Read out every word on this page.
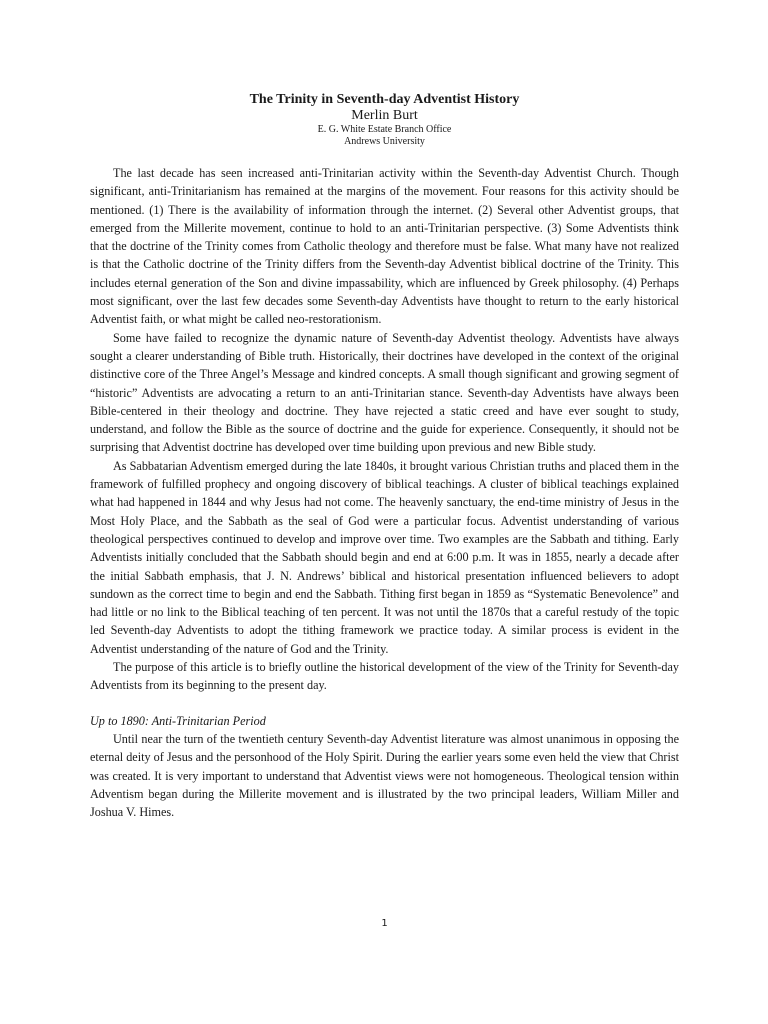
The Trinity in Seventh-day Adventist History

Merlin Burt

E. G. White Estate Branch Office

Andrews University

The last decade has seen increased anti-Trinitarian activity within the Seventh-day Adventist Church. Though significant, anti-Trinitarianism has remained at the margins of the movement. Four reasons for this activity should be mentioned. (1) There is the availability of information through the internet. (2) Several other Adventist groups, that emerged from the Millerite movement, continue to hold to an anti-Trinitarian perspective. (3) Some Adventists think that the doctrine of the Trinity comes from Catholic theology and therefore must be false. What many have not realized is that the Catholic doctrine of the Trinity differs from the Seventh-day Adventist biblical doctrine of the Trinity. This includes eternal generation of the Son and divine impassability, which are influenced by Greek philosophy. (4) Perhaps most significant, over the last few decades some Seventh-day Adventists have thought to return to the early historical Adventist faith, or what might be called neo-restorationism.

Some have failed to recognize the dynamic nature of Seventh-day Adventist theology. Adventists have always sought a clearer understanding of Bible truth. Historically, their doctrines have developed in the context of the original distinctive core of the Three Angel’s Message and kindred concepts. A small though significant and growing segment of “historic” Adventists are advocating a return to an anti-Trinitarian stance. Seventh-day Adventists have always been Bible-centered in their theology and doctrine. They have rejected a static creed and have ever sought to study, understand, and follow the Bible as the source of doctrine and the guide for experience. Consequently, it should not be surprising that Adventist doctrine has developed over time building upon previous and new Bible study.

As Sabbatarian Adventism emerged during the late 1840s, it brought various Christian truths and placed them in the framework of fulfilled prophecy and ongoing discovery of biblical teachings. A cluster of biblical teachings explained what had happened in 1844 and why Jesus had not come. The heavenly sanctuary, the end-time ministry of Jesus in the Most Holy Place, and the Sabbath as the seal of God were a particular focus. Adventist understanding of various theological perspectives continued to develop and improve over time. Two examples are the Sabbath and tithing. Early Adventists initially concluded that the Sabbath should begin and end at 6:00 p.m. It was in 1855, nearly a decade after the initial Sabbath emphasis, that J. N. Andrews’ biblical and historical presentation influenced believers to adopt sundown as the correct time to begin and end the Sabbath. Tithing first began in 1859 as “Systematic Benevolence” and had little or no link to the Biblical teaching of ten percent. It was not until the 1870s that a careful restudy of the topic led Seventh-day Adventists to adopt the tithing framework we practice today. A similar process is evident in the Adventist understanding of the nature of God and the Trinity.

The purpose of this article is to briefly outline the historical development of the view of the Trinity for Seventh-day Adventists from its beginning to the present day.

Up to 1890: Anti-Trinitarian Period

Until near the turn of the twentieth century Seventh-day Adventist literature was almost unanimous in opposing the eternal deity of Jesus and the personhood of the Holy Spirit. During the earlier years some even held the view that Christ was created. It is very important to understand that Adventist views were not homogeneous. Theological tension within Adventism began during the Millerite movement and is illustrated by the two principal leaders, William Miller and Joshua V. Himes.

1
